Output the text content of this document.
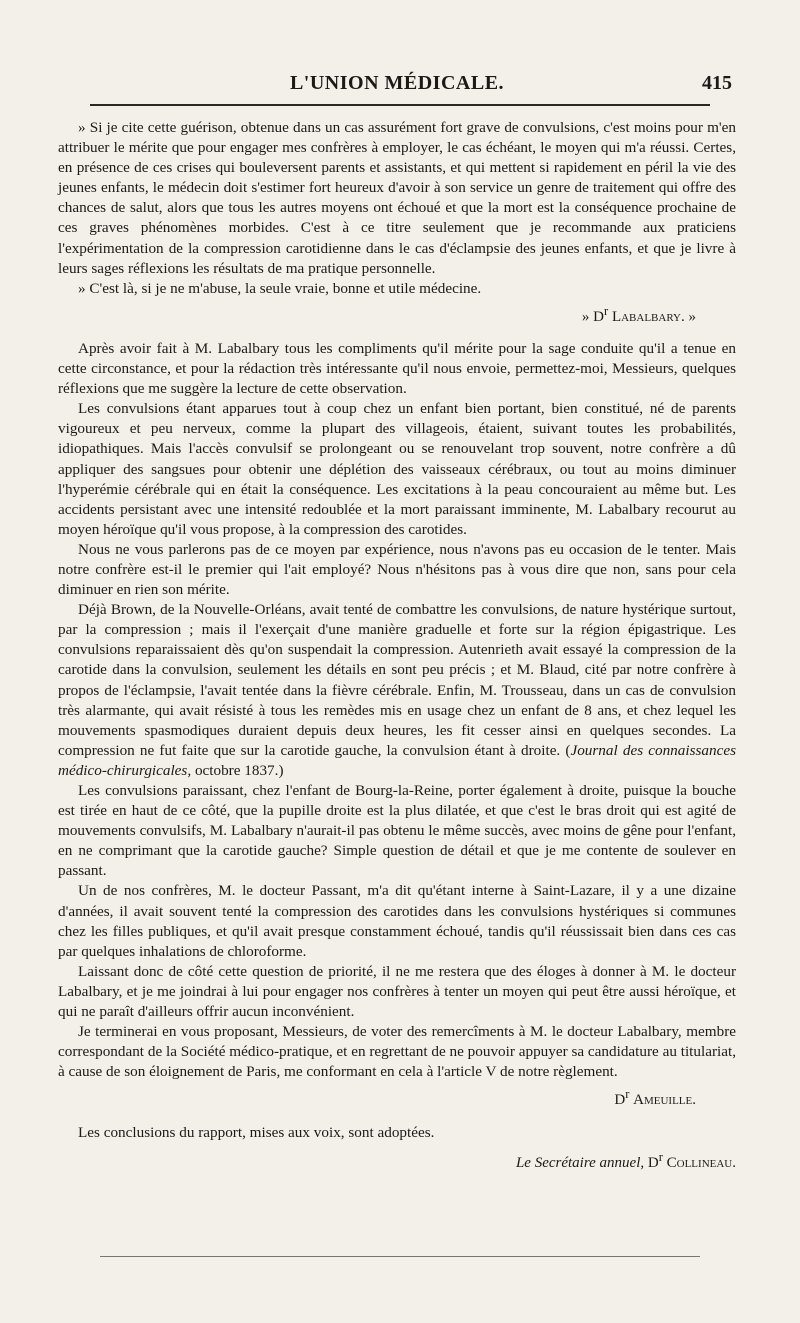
L'UNION MÉDICALE.	415

» Si je cite cette guérison, obtenue dans un cas assurément fort grave de convulsions, c'est moins pour m'en attribuer le mérite que pour engager mes confrères à employer, le cas échéant, le moyen qui m'a réussi. Certes, en présence de ces crises qui bouleversent parents et assistants, et qui mettent si rapidement en péril la vie des jeunes enfants, le médecin doit s'estimer fort heureux d'avoir à son service un genre de traitement qui offre des chances de salut, alors que tous les autres moyens ont échoué et que la mort est la conséquence prochaine de ces graves phénomènes morbides. C'est à ce titre seulement que je recommande aux praticiens l'expérimentation de la compression carotidienne dans le cas d'éclampsie des jeunes enfants, et que je livre à leurs sages réflexions les résultats de ma pratique personnelle.

» C'est là, si je ne m'abuse, la seule vraie, bonne et utile médecine.

» $D^r$ Labalbary. »

Après avoir fait à M. Labalbary tous les compliments qu'il mérite pour la sage conduite qu'il a tenue en cette circonstance, et pour la rédaction très intéressante qu'il nous envoie, permettez-moi, Messieurs, quelques réflexions que me suggère la lecture de cette observation.

Les convulsions étant apparues tout à coup chez un enfant bien portant, bien constitué, né de parents vigoureux et peu nerveux, comme la plupart des villageois, étaient, suivant toutes les probabilités, idiopathiques. Mais l'accès convulsif se prolongeant ou se renouvelant trop souvent, notre confrère a dû appliquer des sangsues pour obtenir une déplétion des vaisseaux cérébraux, ou tout au moins diminuer l'hyperémie cérébrale qui en était la conséquence. Les excitations à la peau concouraient au même but. Les accidents persistant avec une intensité redoublée et la mort paraissant imminente, M. Labalbary recourut au moyen héroïque qu'il vous propose, à la compression des carotides.

Nous ne vous parlerons pas de ce moyen par expérience, nous n'avons pas eu occasion de le tenter. Mais notre confrère est-il le premier qui l'ait employé? Nous n'hésitons pas à vous dire que non, sans pour cela diminuer en rien son mérite.

Déjà Brown, de la Nouvelle-Orléans, avait tenté de combattre les convulsions, de nature hystérique surtout, par la compression ; mais il l'exerçait d'une manière graduelle et forte sur la région épigastrique. Les convulsions reparaissaient dès qu'on suspendait la compression. Autenrieth avait essayé la compression de la carotide dans la convulsion, seulement les détails en sont peu précis ; et M. Blaud, cité par notre confrère à propos de l'éclampsie, l'avait tentée dans la fièvre cérébrale. Enfin, M. Trousseau, dans un cas de convulsion très alarmante, qui avait résisté à tous les remèdes mis en usage chez un enfant de 8 ans, et chez lequel les mouvements spasmodiques duraient depuis deux heures, les fit cesser ainsi en quelques secondes. La compression ne fut faite que sur la carotide gauche, la convulsion étant à droite. (Journal des connaissances médico-chirurgicales, octobre 1837.)

Les convulsions paraissant, chez l'enfant de Bourg-la-Reine, porter également à droite, puisque la bouche est tirée en haut de ce côté, que la pupille droite est la plus dilatée, et que c'est le bras droit qui est agité de mouvements convulsifs, M. Labalbary n'aurait-il pas obtenu le même succès, avec moins de gêne pour l'enfant, en ne comprimant que la carotide gauche? Simple question de détail et que je me contente de soulever en passant.

Un de nos confrères, M. le docteur Passant, m'a dit qu'étant interne à Saint-Lazare, il y a une dizaine d'années, il avait souvent tenté la compression des carotides dans les convulsions hystériques si communes chez les filles publiques, et qu'il avait presque constamment échoué, tandis qu'il réussissait bien dans ces cas par quelques inhalations de chloroforme.

Laissant donc de côté cette question de priorité, il ne me restera que des éloges à donner à M. le docteur Labalbary, et je me joindrai à lui pour engager nos confrères à tenter un moyen qui peut être aussi héroïque, et qui ne paraît d'ailleurs offrir aucun inconvénient.

Je terminerai en vous proposant, Messieurs, de voter des remercîments à M. le docteur Labalbary, membre correspondant de la Société médico-pratique, et en regrettant de ne pouvoir appuyer sa candidature au titulariat, à cause de son éloignement de Paris, me conformant en cela à l'article V de notre règlement.

$D^r$ Ameuille.

Les conclusions du rapport, mises aux voix, sont adoptées.

Le Secrétaire annuel, $D^r$ Collineau.
